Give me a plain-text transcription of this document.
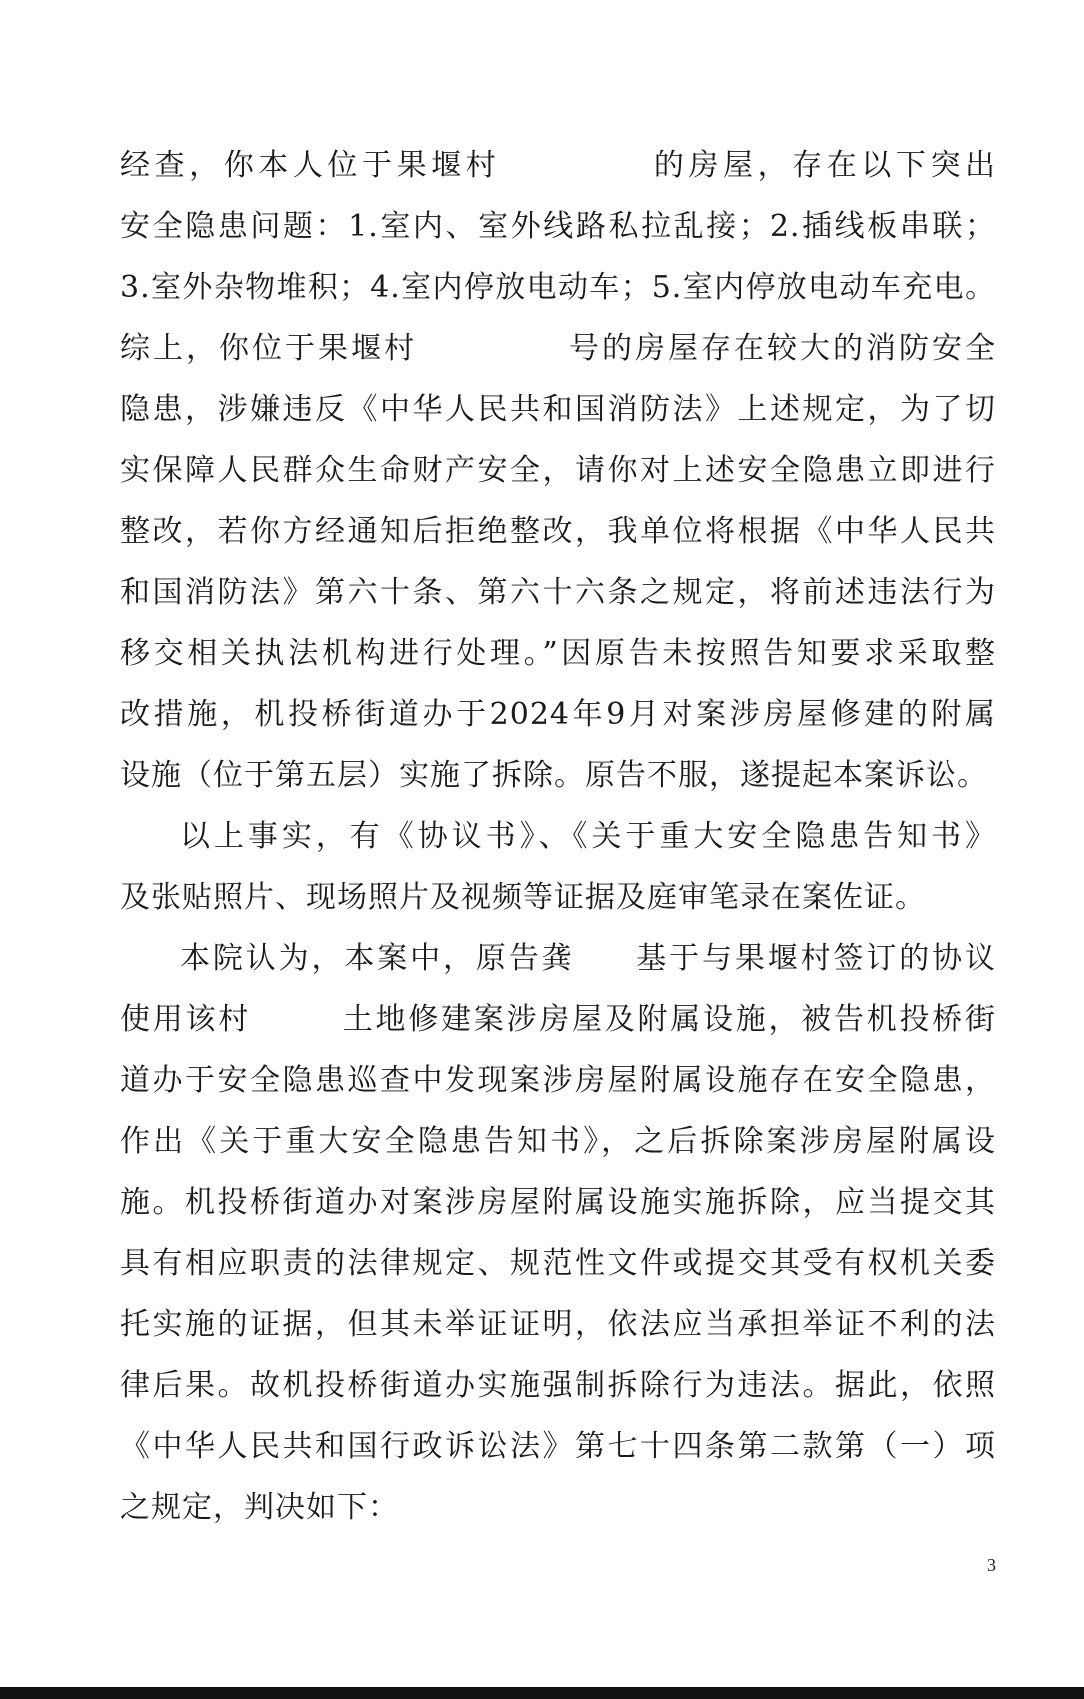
经查，你本人位于果堰村	的房屋，存在以下突出
安全隐患问题：1.室内、室外线路私拉乱接；2.插线板串联；
3.室外杂物堆积；4.室内停放电动车；5.室内停放电动车充电。
综上，你位于果堰村	号的房屋存在较大的消防安全
隐患，涉嫌违反《中华人民共和国消防法》上述规定，为了切
实保障人民群众生命财产安全，请你对上述安全隐患立即进行
整改，若你方经通知后拒绝整改，我单位将根据《中华人民共
和国消防法》第六十条、第六十六条之规定，将前述违法行为
移交相关执法机构进行处理。”因原告未按照告知要求采取整
改措施，机投桥街道办于2024年9月对案涉房屋修建的附属
设施（位于第五层）实施了拆除。原告不服，遂提起本案诉讼。
以上事实，有《协议书》、《关于重大安全隐患告知书》
及张贴照片、现场照片及视频等证据及庭审笔录在案佐证。
本院认为，本案中，原告龚 基于与果堰村签订的协议
使用该村	土地修建案涉房屋及附属设施，被告机投桥街
道办于安全隐患巡查中发现案涉房屋附属设施存在安全隐患，
作出《关于重大安全隐患告知书》，之后拆除案涉房屋附属设
施。机投桥街道办对案涉房屋附属设施实施拆除，应当提交其
具有相应职责的法律规定、规范性文件或提交其受有权机关委
托实施的证据，但其未举证证明，依法应当承担举证不利的法
律后果。故机投桥街道办实施强制拆除行为违法。据此，依照
《中华人民共和国行政诉讼法》第七十四条第二款第（一）项
之规定，判决如下：
3
